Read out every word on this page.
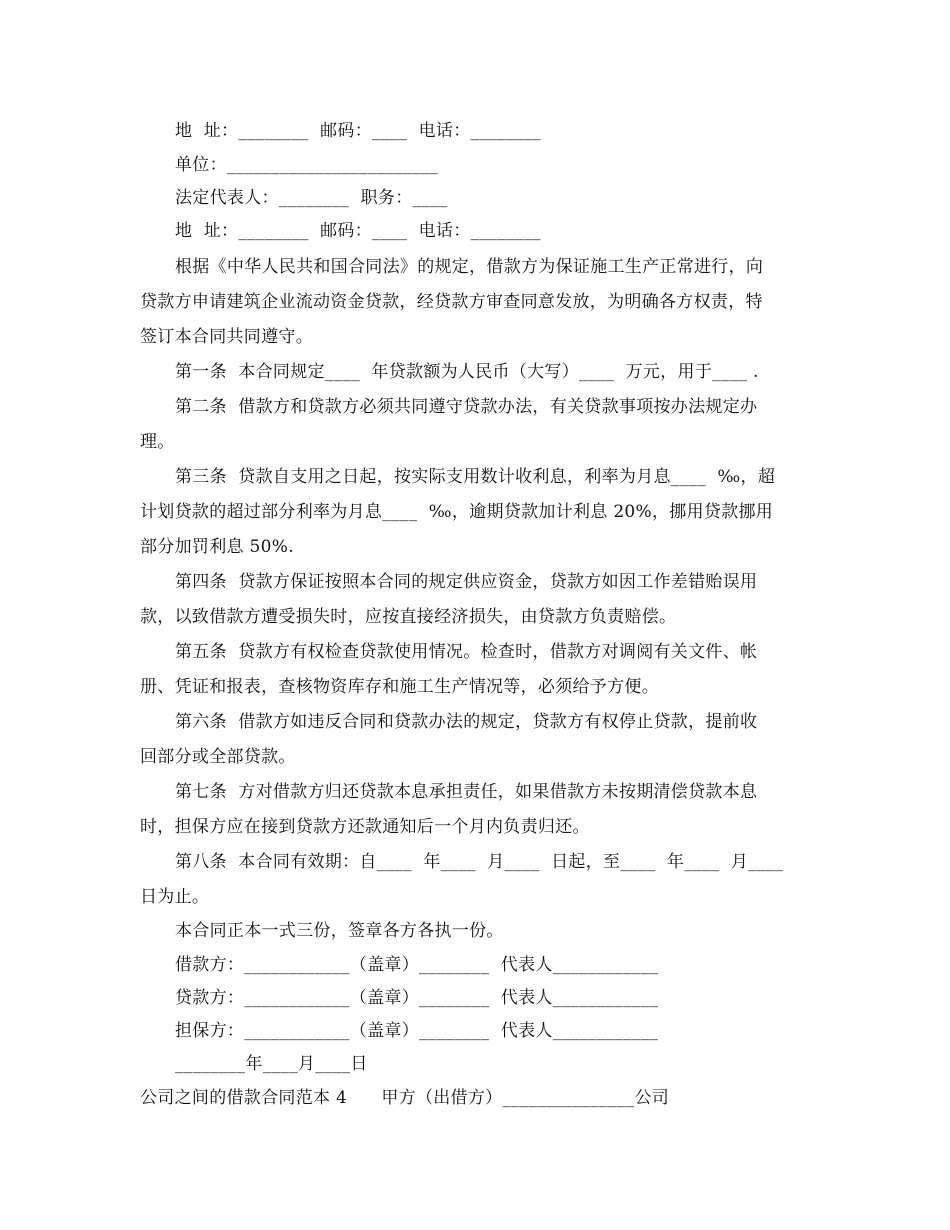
地  址：________  邮码：____  电话：________
单位：________________________
法定代表人：________  职务：____
地  址：________  邮码：____  电话：________
根据《中华人民共和国合同法》的规定，借款方为保证施工生产正常进行，向
贷款方申请建筑企业流动资金贷款，经贷款方审查同意发放，为明确各方权责，特
签订本合同共同遵守。
第一条  本合同规定____  年贷款额为人民币（大写）____  万元，用于____ .
第二条  借款方和贷款方必须共同遵守贷款办法，有关贷款事项按办法规定办
理。
第三条  贷款自支用之日起，按实际支用数计收利息，利率为月息____  ‰，超
计划贷款的超过部分利率为月息____  ‰，逾期贷款加计利息 20%，挪用贷款挪用
部分加罚利息 50%.
第四条  贷款方保证按照本合同的规定供应资金，贷款方如因工作差错贻误用
款，以致借款方遭受损失时，应按直接经济损失，由贷款方负责赔偿。
第五条  贷款方有权检查贷款使用情况。检查时，借款方对调阅有关文件、帐
册、凭证和报表，查核物资库存和施工生产情况等，必须给予方便。
第六条  借款方如违反合同和贷款办法的规定，贷款方有权停止贷款，提前收
回部分或全部贷款。
第七条  方对借款方归还贷款本息承担责任，如果借款方未按期清偿贷款本息
时，担保方应在接到贷款方还款通知后一个月内负责归还。
第八条  本合同有效期：自____  年____  月____  日起，至____  年____  月____
日为止。
本合同正本一式三份，签章各方各执一份。
借款方：____________（盖章）________  代表人____________
贷款方：____________（盖章）________  代表人____________
担保方：____________（盖章）________  代表人____________
________年____月____日
公司之间的借款合同范本 4      甲方（出借方）_______________公司
